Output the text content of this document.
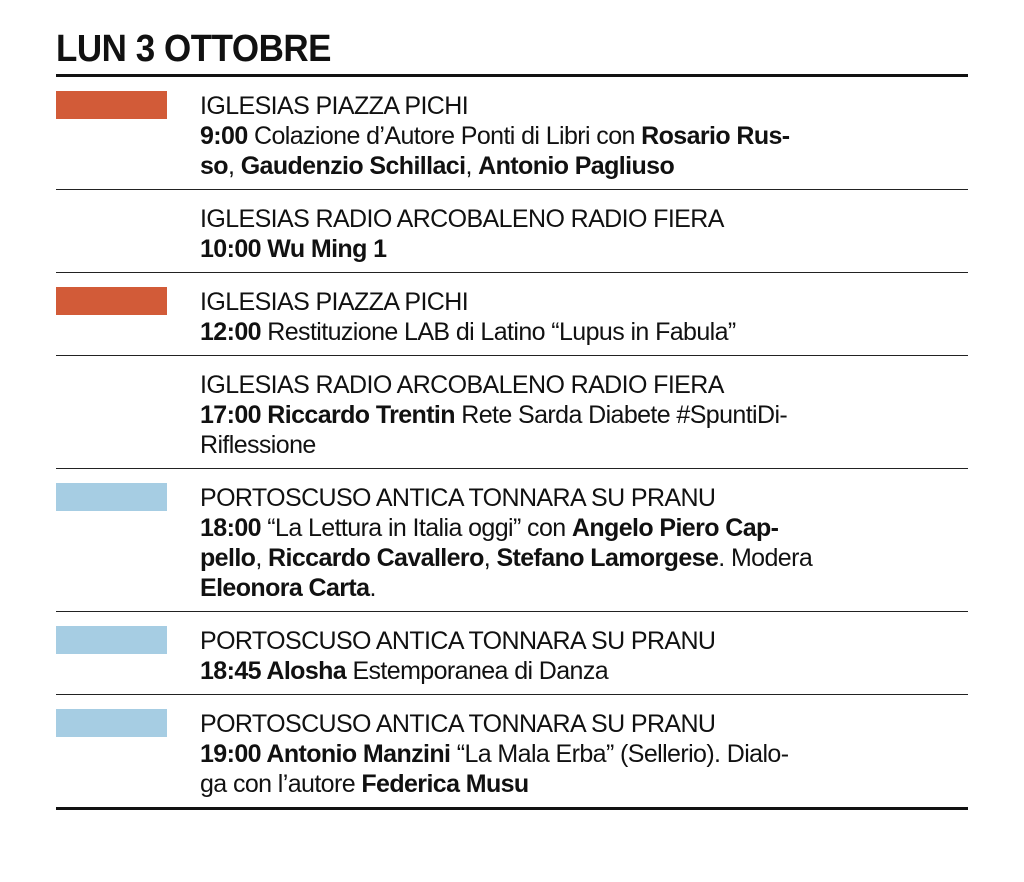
LUN 3 OTTOBRE
IGLESIAS PIAZZA PICHI
9:00 Colazione d’Autore Ponti di Libri con Rosario Rus-
so, Gaudenzio Schillaci, Antonio Pagliuso
IGLESIAS RADIO ARCOBALENO RADIO FIERA
10:00 Wu Ming 1
IGLESIAS PIAZZA PICHI
12:00 Restituzione LAB di Latino “Lupus in Fabula”
IGLESIAS RADIO ARCOBALENO RADIO FIERA
17:00 Riccardo Trentin Rete Sarda Diabete #SpuntiDi-
Riflessione
PORTOSCUSO ANTICA TONNARA SU PRANU
18:00 “La Lettura in Italia oggi” con Angelo Piero Cap-
pello, Riccardo Cavallero, Stefano Lamorgese. Modera
Eleonora Carta.
PORTOSCUSO ANTICA TONNARA SU PRANU
18:45 Alosha Estemporanea di Danza
PORTOSCUSO ANTICA TONNARA SU PRANU
19:00 Antonio Manzini “La Mala Erba” (Sellerio). Dialo-
ga con l’autore Federica Musu
